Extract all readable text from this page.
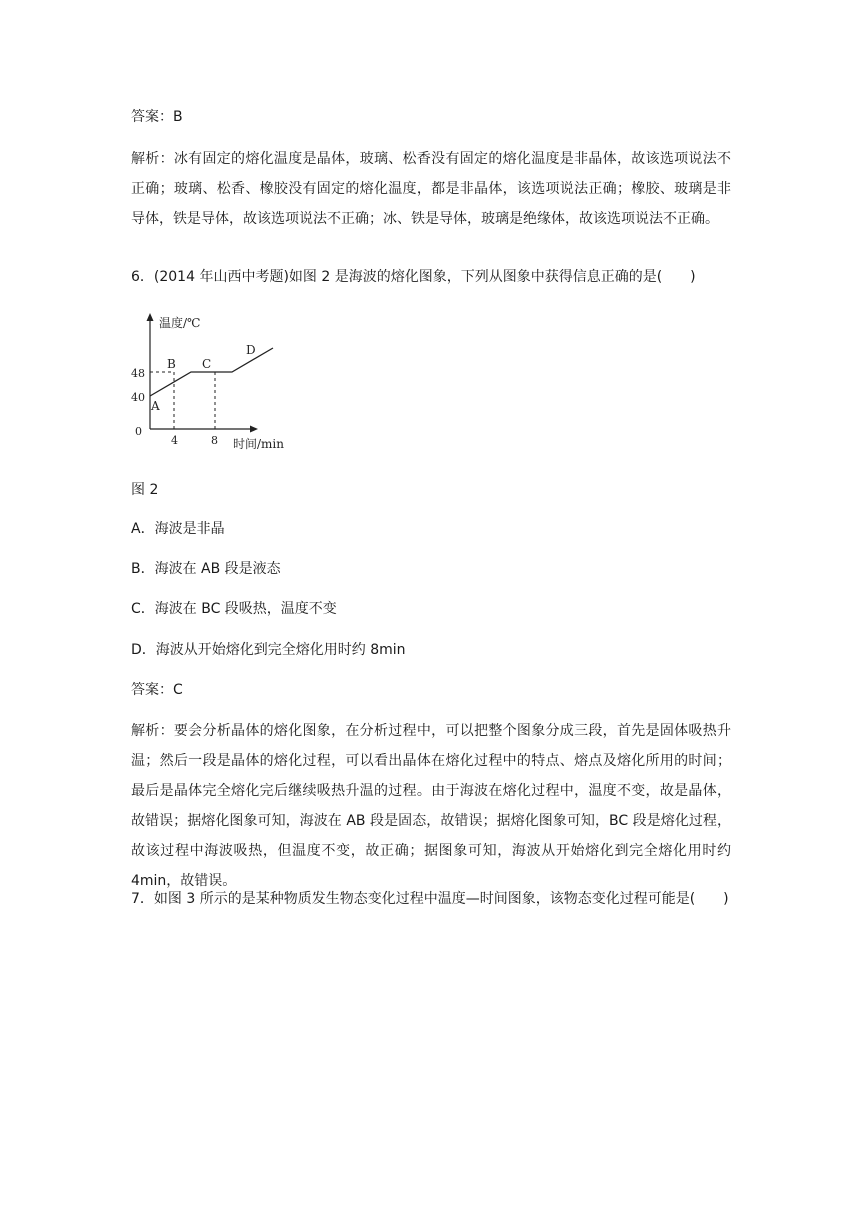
答案：B
解析：冰有固定的熔化温度是晶体，玻璃、松香没有固定的熔化温度是非晶体，故该选项说法不正确；玻璃、松香、橡胶没有固定的熔化温度，都是非晶体，该选项说法正确；橡胶、玻璃是非导体，铁是导体，故该选项说法不正确；冰、铁是导体，玻璃是绝缘体，故该选项说法不正确。
6．(2014 年山西中考题)如图 2 是海波的熔化图象，下列从图象中获得信息正确的是(　　)
温度/℃
时间/min
0
40
48
4	8
A
B C
D
图 2
A．海波是非晶
B．海波在 AB 段是液态
C．海波在 BC 段吸热，温度不变
D．海波从开始熔化到完全熔化用时约 8min
答案：C
解析：要会分析晶体的熔化图象，在分析过程中，可以把整个图象分成三段，首先是固体吸热升温；然后一段是晶体的熔化过程，可以看出晶体在熔化过程中的特点、熔点及熔化所用的时间；最后是晶体完全熔化完后继续吸热升温的过程。由于海波在熔化过程中，温度不变，故是晶体，故错误；据熔化图象可知，海波在 AB 段是固态，故错误；据熔化图象可知，BC 段是熔化过程，故该过程中海波吸热，但温度不变，故正确；据图象可知，海波从开始熔化到完全熔化用时约 4min，故错误。
7．如图 3 所示的是某种物质发生物态变化过程中温度—时间图象，该物态变化过程可能是(　　)
